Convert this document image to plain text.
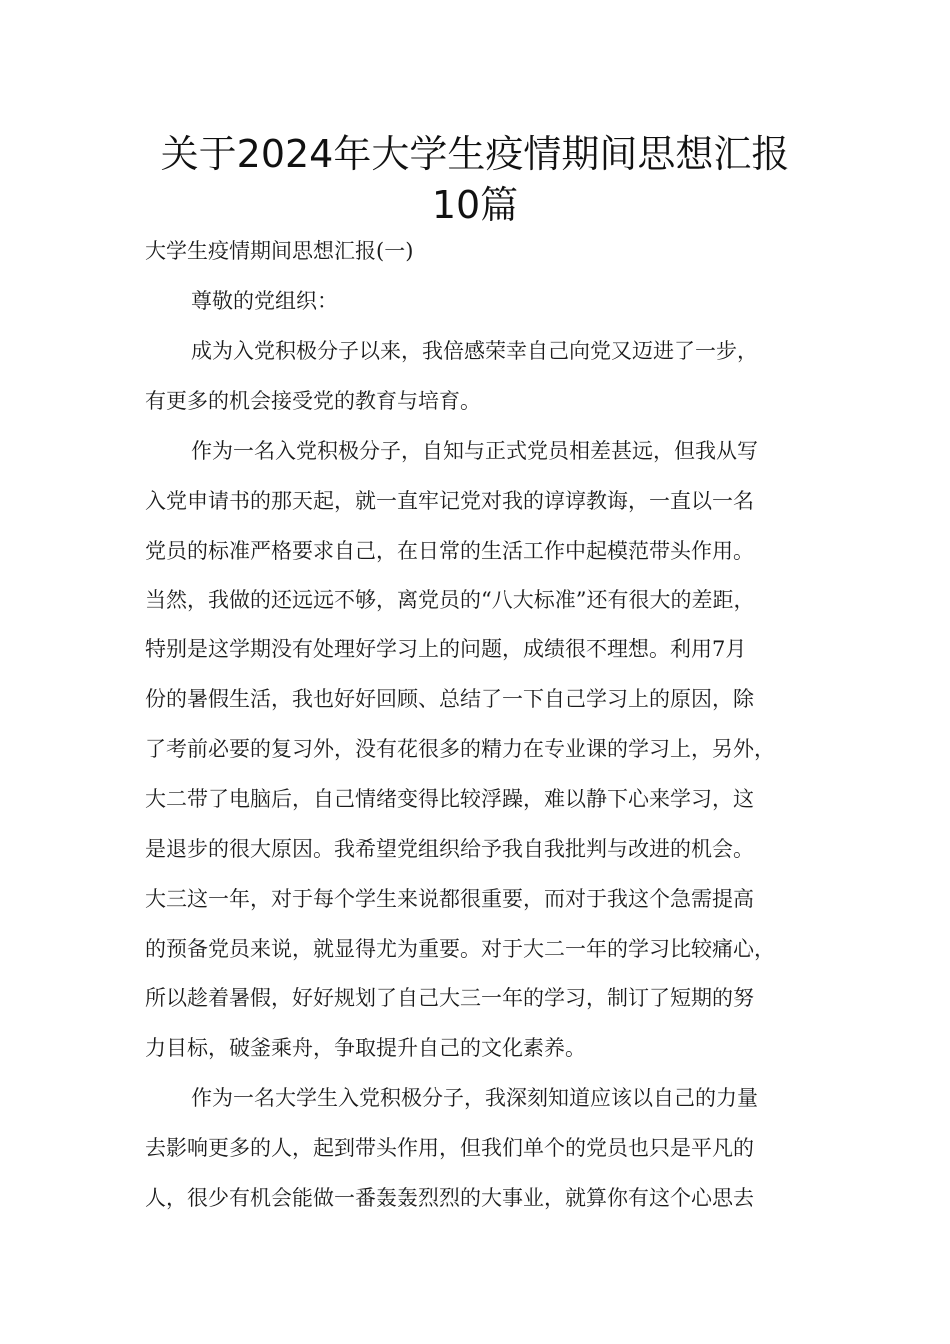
关于2024年大学生疫情期间思想汇报
10篇
大学生疫情期间思想汇报(一)
尊敬的党组织：
成为入党积极分子以来，我倍感荣幸自己向党又迈进了一步，
有更多的机会接受党的教育与培育。
作为一名入党积极分子，自知与正式党员相差甚远，但我从写
入党申请书的那天起，就一直牢记党对我的谆谆教诲，一直以一名
党员的标准严格要求自己，在日常的生活工作中起模范带头作用。
当然，我做的还远远不够，离党员的“八大标准”还有很大的差距，
特别是这学期没有处理好学习上的问题，成绩很不理想。利用7月
份的暑假生活，我也好好回顾、总结了一下自己学习上的原因，除
了考前必要的复习外，没有花很多的精力在专业课的学习上，另外，
大二带了电脑后，自己情绪变得比较浮躁，难以静下心来学习，这
是退步的很大原因。我希望党组织给予我自我批判与改进的机会。
大三这一年，对于每个学生来说都很重要，而对于我这个急需提高
的预备党员来说，就显得尤为重要。对于大二一年的学习比较痛心，
所以趁着暑假，好好规划了自己大三一年的学习，制订了短期的努
力目标，破釜乘舟，争取提升自己的文化素养。
作为一名大学生入党积极分子，我深刻知道应该以自己的力量
去影响更多的人，起到带头作用，但我们单个的党员也只是平凡的
人，很少有机会能做一番轰轰烈烈的大事业，就算你有这个心思去
